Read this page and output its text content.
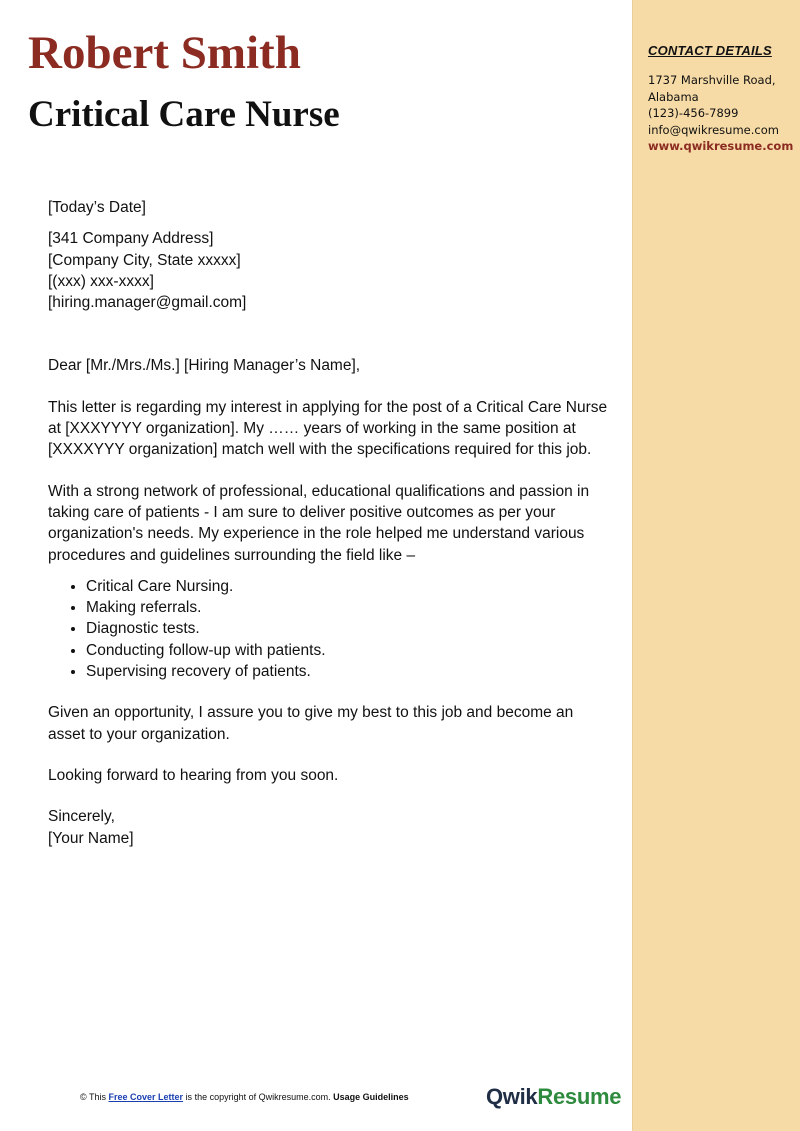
CONTACT DETAILS
1737 Marshville Road,
Alabama
(123)-456-7899
info@qwikresume.com
www.qwikresume.com
Robert Smith
Critical Care Nurse

[Today’s Date]

[341 Company Address]

[Company City, State xxxxx]

[(xxx) xxx-xxxx]

[hiring.manager@gmail.com]

Dear [Mr./Mrs./Ms.] [Hiring Manager’s Name],

This letter is regarding my interest in applying for the post of a Critical Care Nurse at [XXXYYYY organization]. My …… years of working in the same position at [XXXXYYY organization] match well with the specifications required for this job.

With a strong network of professional, educational qualifications and passion in taking care of patients - I am sure to deliver positive outcomes as per your organization's needs. My experience in the role helped me understand various procedures and guidelines surrounding the field like –

• Critical Care Nursing.
• Making referrals.
• Diagnostic tests.
• Conducting follow-up with patients.
• Supervising recovery of patients.

Given an opportunity, I assure you to give my best to this job and become an asset to your organization.

Looking forward to hearing from you soon.

Sincerely,

[Your Name]

© This Free Cover Letter is the copyright of Qwikresume.com. Usage Guidelines	QwikResume
